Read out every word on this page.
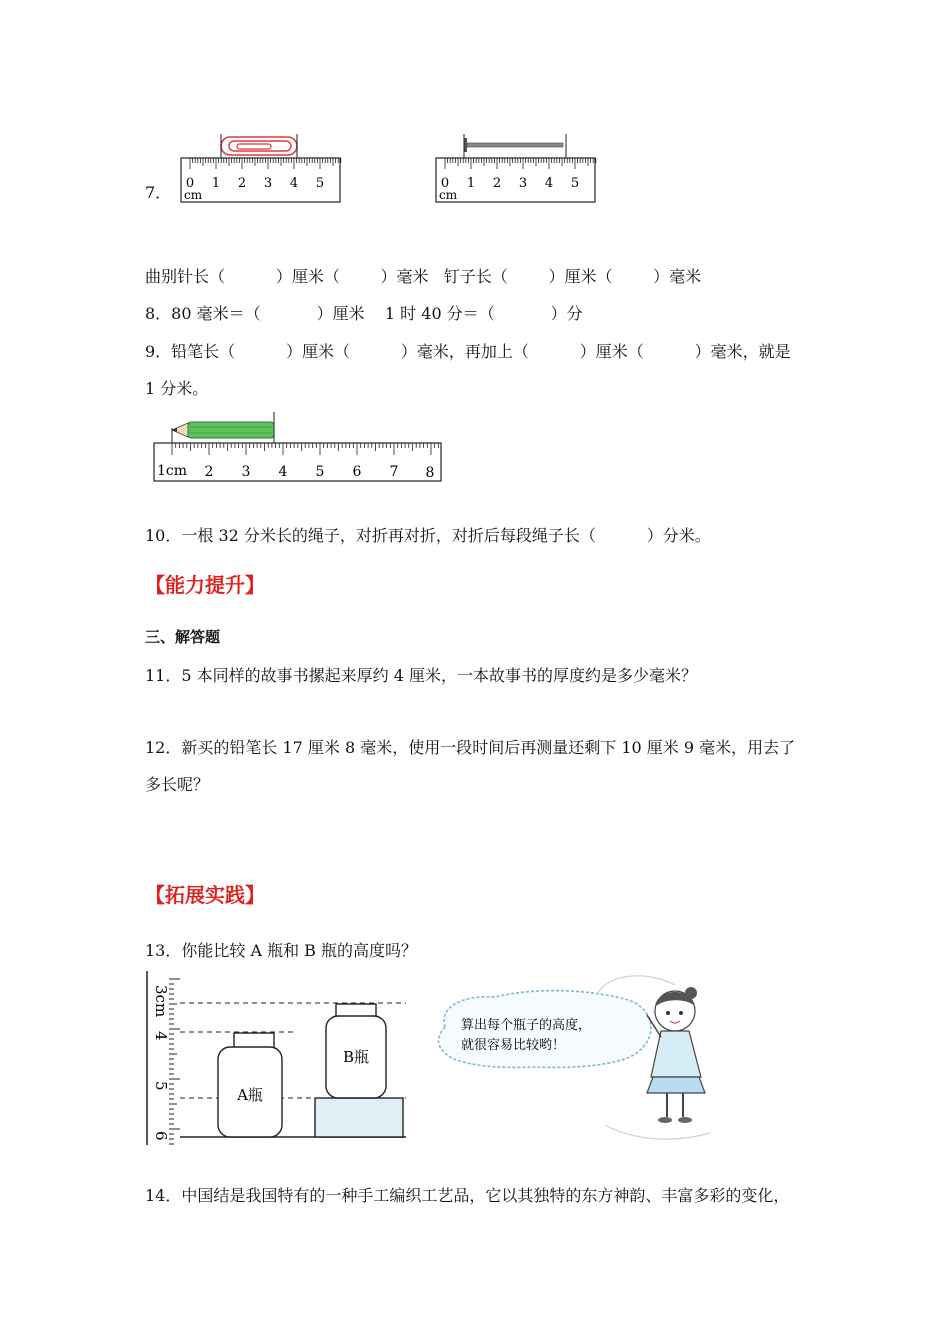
7． 0 1 2 3 4 5
cm
0 1 2 3 4 5
cm
曲别针长（          ）厘米（        ）毫米   钉子长（        ）厘米（        ）毫米
8．80 毫米＝（           ）厘米    1 时 40 分＝（           ）分
9．铅笔长（          ）厘米（          ）毫米，再加上（          ）厘米（          ）毫米，就是
1 分米。
1cm 2 3 4 5 6 7 8
10．一根 32 分米长的绳子，对折再对折，对折后每段绳子长（          ）分米。
【能力提升】
三、解答题
11．5 本同样的故事书摞起来厚约 4 厘米，一本故事书的厚度约是多少毫米？
12．新买的铅笔长 17 厘米 8 毫米，使用一段时间后再测量还剩下 10 厘米 9 毫米，用去了
多长呢？
【拓展实践】
13．你能比较 A 瓶和 B 瓶的高度吗？
3cm
4
5
6
A瓶
B瓶
算出每个瓶子的高度，
就很容易比较哟！
14．中国结是我国特有的一种手工编织工艺品，它以其独特的东方神韵、丰富多彩的变化，
